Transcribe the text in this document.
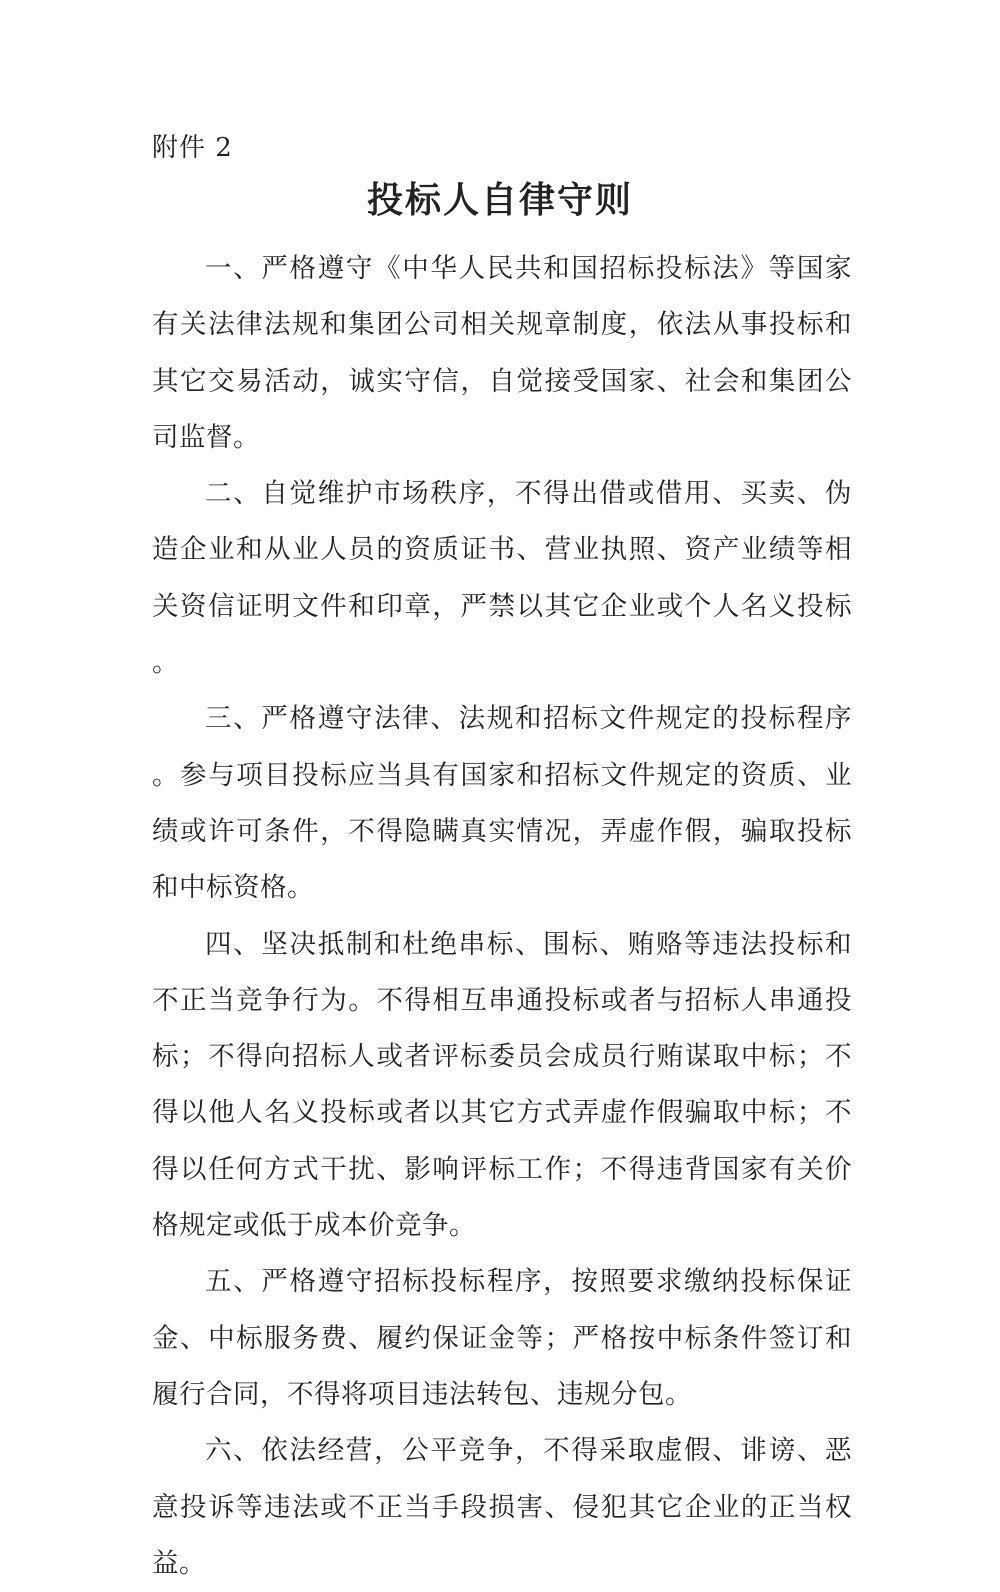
附件 2
投标人自律守则

一、严格遵守《中华人民共和国招标投标法》等国家有关法律法规和集团公司相关规章制度，依法从事投标和其它交易活动，诚实守信，自觉接受国家、社会和集团公司监督。

二、自觉维护市场秩序，不得出借或借用、买卖、伪造企业和从业人员的资质证书、营业执照、资产业绩等相关资信证明文件和印章，严禁以其它企业或个人名义投标。

三、严格遵守法律、法规和招标文件规定的投标程序。参与项目投标应当具有国家和招标文件规定的资质、业绩或许可条件，不得隐瞒真实情况，弄虚作假，骗取投标和中标资格。

四、坚决抵制和杜绝串标、围标、贿赂等违法投标和不正当竞争行为。不得相互串通投标或者与招标人串通投标；不得向招标人或者评标委员会成员行贿谋取中标；不得以他人名义投标或者以其它方式弄虚作假骗取中标；不得以任何方式干扰、影响评标工作；不得违背国家有关价格规定或低于成本价竞争。

五、严格遵守招标投标程序，按照要求缴纳投标保证金、中标服务费、履约保证金等；严格按中标条件签订和履行合同，不得将项目违法转包、违规分包。

六、依法经营，公平竞争，不得采取虚假、诽谤、恶意投诉等违法或不正当手段损害、侵犯其它企业的正当权益。
